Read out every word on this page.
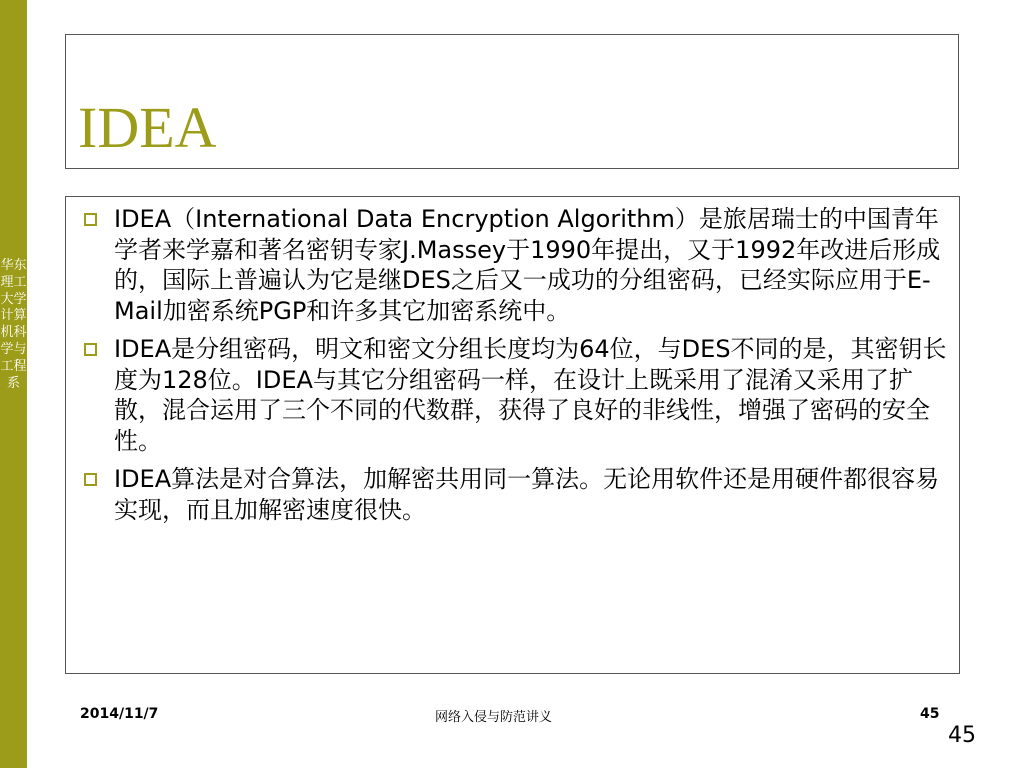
华东理工大学计算机科学与工程系
IDEA
IDEA（International Data Encryption Algorithm）是旅居瑞士的中国青年学者来学嘉和著名密钥专家J.Massey于1990年提出，又于1992年改进后形成的，国际上普遍认为它是继DES之后又一成功的分组密码，已经实际应用于E-Mail加密系统PGP和许多其它加密系统中。
IDEA是分组密码，明文和密文分组长度均为64位，与DES不同的是，其密钥长度为128位。IDEA与其它分组密码一样，在设计上既采用了混淆又采用了扩散，混合运用了三个不同的代数群，获得了良好的非线性，增强了密码的安全性。
IDEA算法是对合算法，加解密共用同一算法。无论用软件还是用硬件都很容易实现，而且加解密速度很快。
2014/11/7	网络入侵与防范讲义	45
45
